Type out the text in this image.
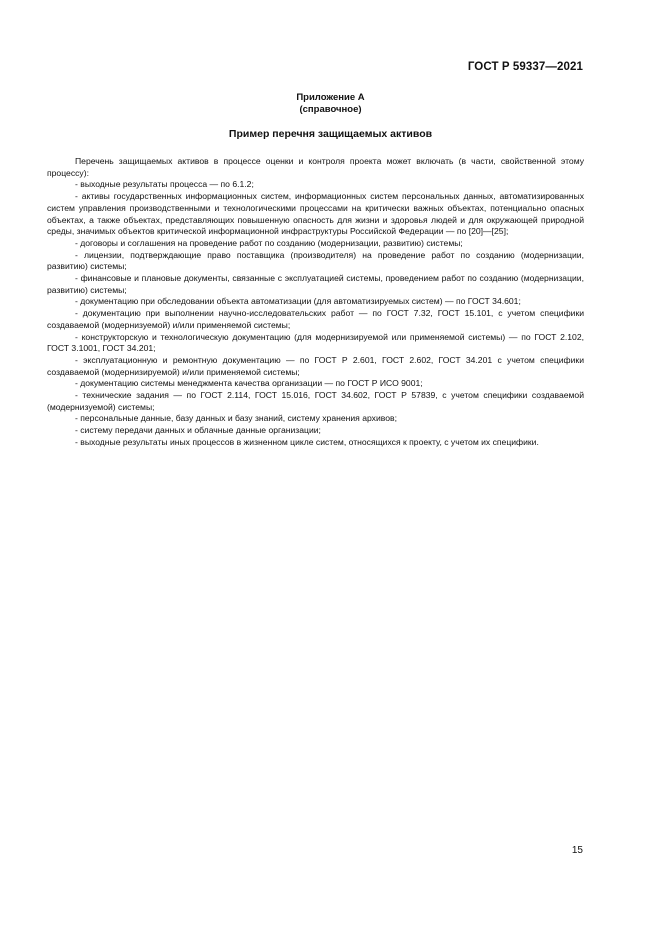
ГОСТ Р 59337—2021
Приложение А
(справочное)
Пример перечня защищаемых активов

Перечень защищаемых активов в процессе оценки и контроля проекта может включать (в части, свойственной этому процессу):

- выходные результаты процесса — по 6.1.2;

- активы государственных информационных систем, информационных систем персональных данных, автоматизированных систем управления производственными и технологическими процессами на критически важных объектах, потенциально опасных объектах, а также объектах, представляющих повышенную опасность для жизни и здоровья людей и для окружающей природной среды, значимых объектов критической информационной инфраструктуры Российской Федерации — по [20]—[25];

- договоры и соглашения на проведение работ по созданию (модернизации, развитию) системы;

- лицензии, подтверждающие право поставщика (производителя) на проведение работ по созданию (модернизации, развитию) системы;

- финансовые и плановые документы, связанные с эксплуатацией системы, проведением работ по созданию (модернизации, развитию) системы;

- документацию при обследовании объекта автоматизации (для автоматизируемых систем) — по ГОСТ 34.601;

- документацию при выполнении научно-исследовательских работ — по ГОСТ 7.32, ГОСТ 15.101, с учетом специфики создаваемой (модернизуемой) и/или применяемой системы;

- конструкторскую и технологическую документацию (для модернизируемой или применяемой системы) — по ГОСТ 2.102, ГОСТ 3.1001, ГОСТ 34.201;

- эксплуатационную и ремонтную документацию — по ГОСТ Р 2.601, ГОСТ 2.602, ГОСТ 34.201 с учетом специфики создаваемой (модернизируемой) и/или применяемой системы;

- документацию системы менеджмента качества организации — по ГОСТ Р ИСО 9001;

- технические задания — по ГОСТ 2.114, ГОСТ 15.016, ГОСТ 34.602, ГОСТ Р 57839, с учетом специфики создаваемой (модернизуемой) системы;

- персональные данные, базу данных и базу знаний, систему хранения архивов;

- систему передачи данных и облачные данные организации;

- выходные результаты иных процессов в жизненном цикле систем, относящихся к проекту, с учетом их специфики.

15
